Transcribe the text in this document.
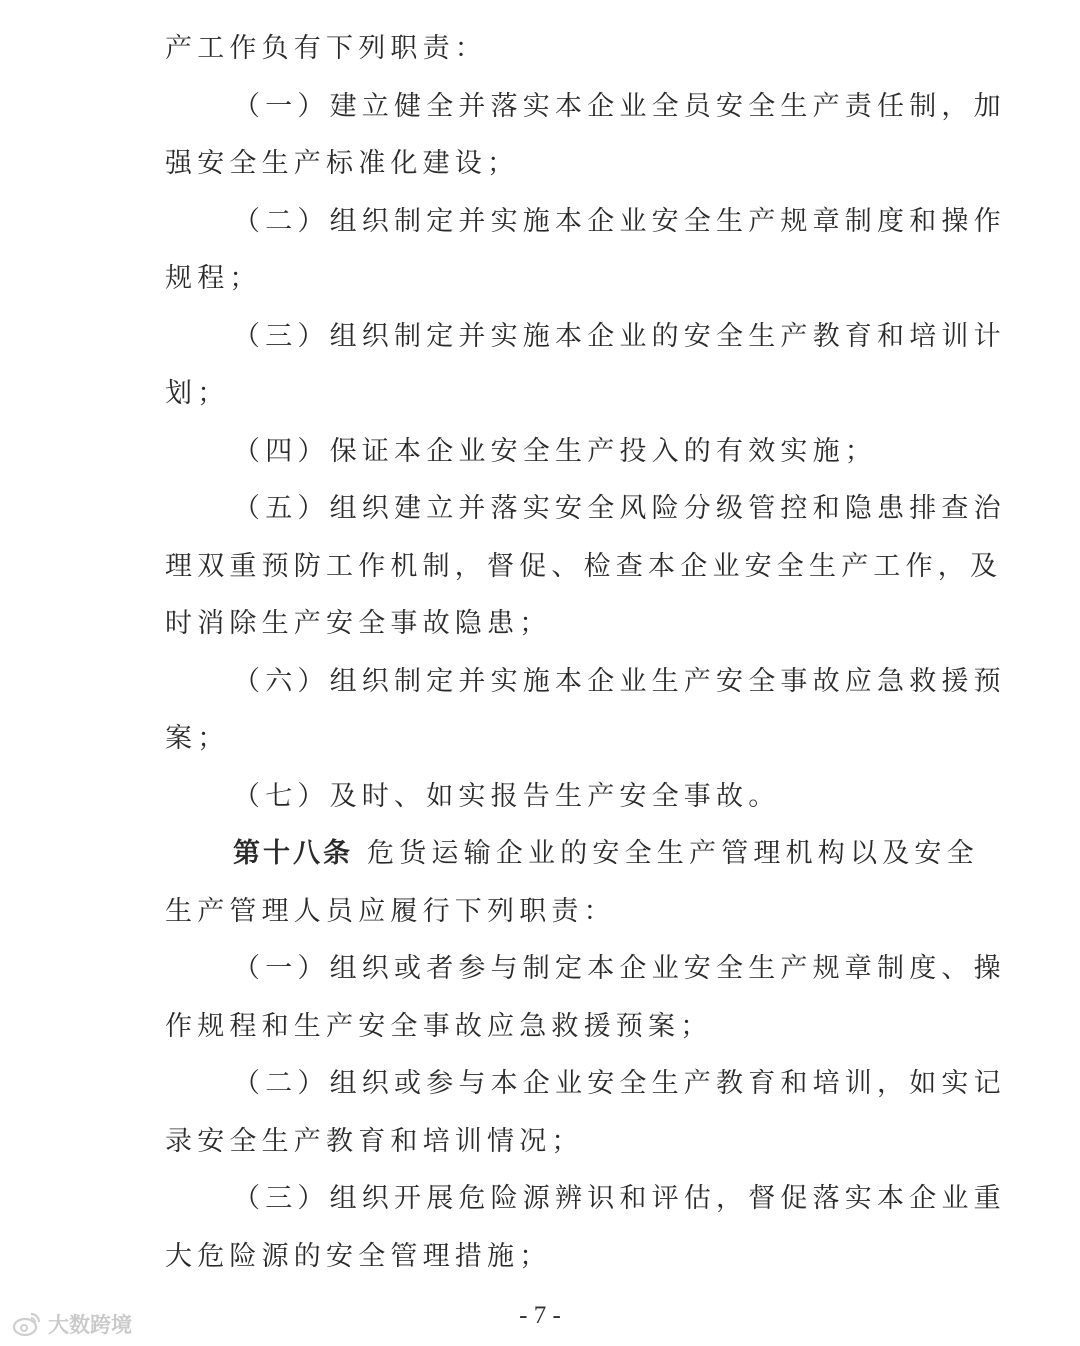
产工作负有下列职责：
（一）建立健全并落实本企业全员安全生产责任制，加
强安全生产标准化建设；
（二）组织制定并实施本企业安全生产规章制度和操作
规程；
（三）组织制定并实施本企业的安全生产教育和培训计
划；
（四）保证本企业安全生产投入的有效实施；
（五）组织建立并落实安全风险分级管控和隐患排查治
理双重预防工作机制，督促、检查本企业安全生产工作，及
时消除生产安全事故隐患；
（六）组织制定并实施本企业生产安全事故应急救援预
案；
（七）及时、如实报告生产安全事故。
第十八条 危货运输企业的安全生产管理机构以及安全
生产管理人员应履行下列职责：
（一）组织或者参与制定本企业安全生产规章制度、操
作规程和生产安全事故应急救援预案；
（二）组织或参与本企业安全生产教育和培训，如实记
录安全生产教育和培训情况；
（三）组织开展危险源辨识和评估，督促落实本企业重
大危险源的安全管理措施；
- 7 -
大数跨境
